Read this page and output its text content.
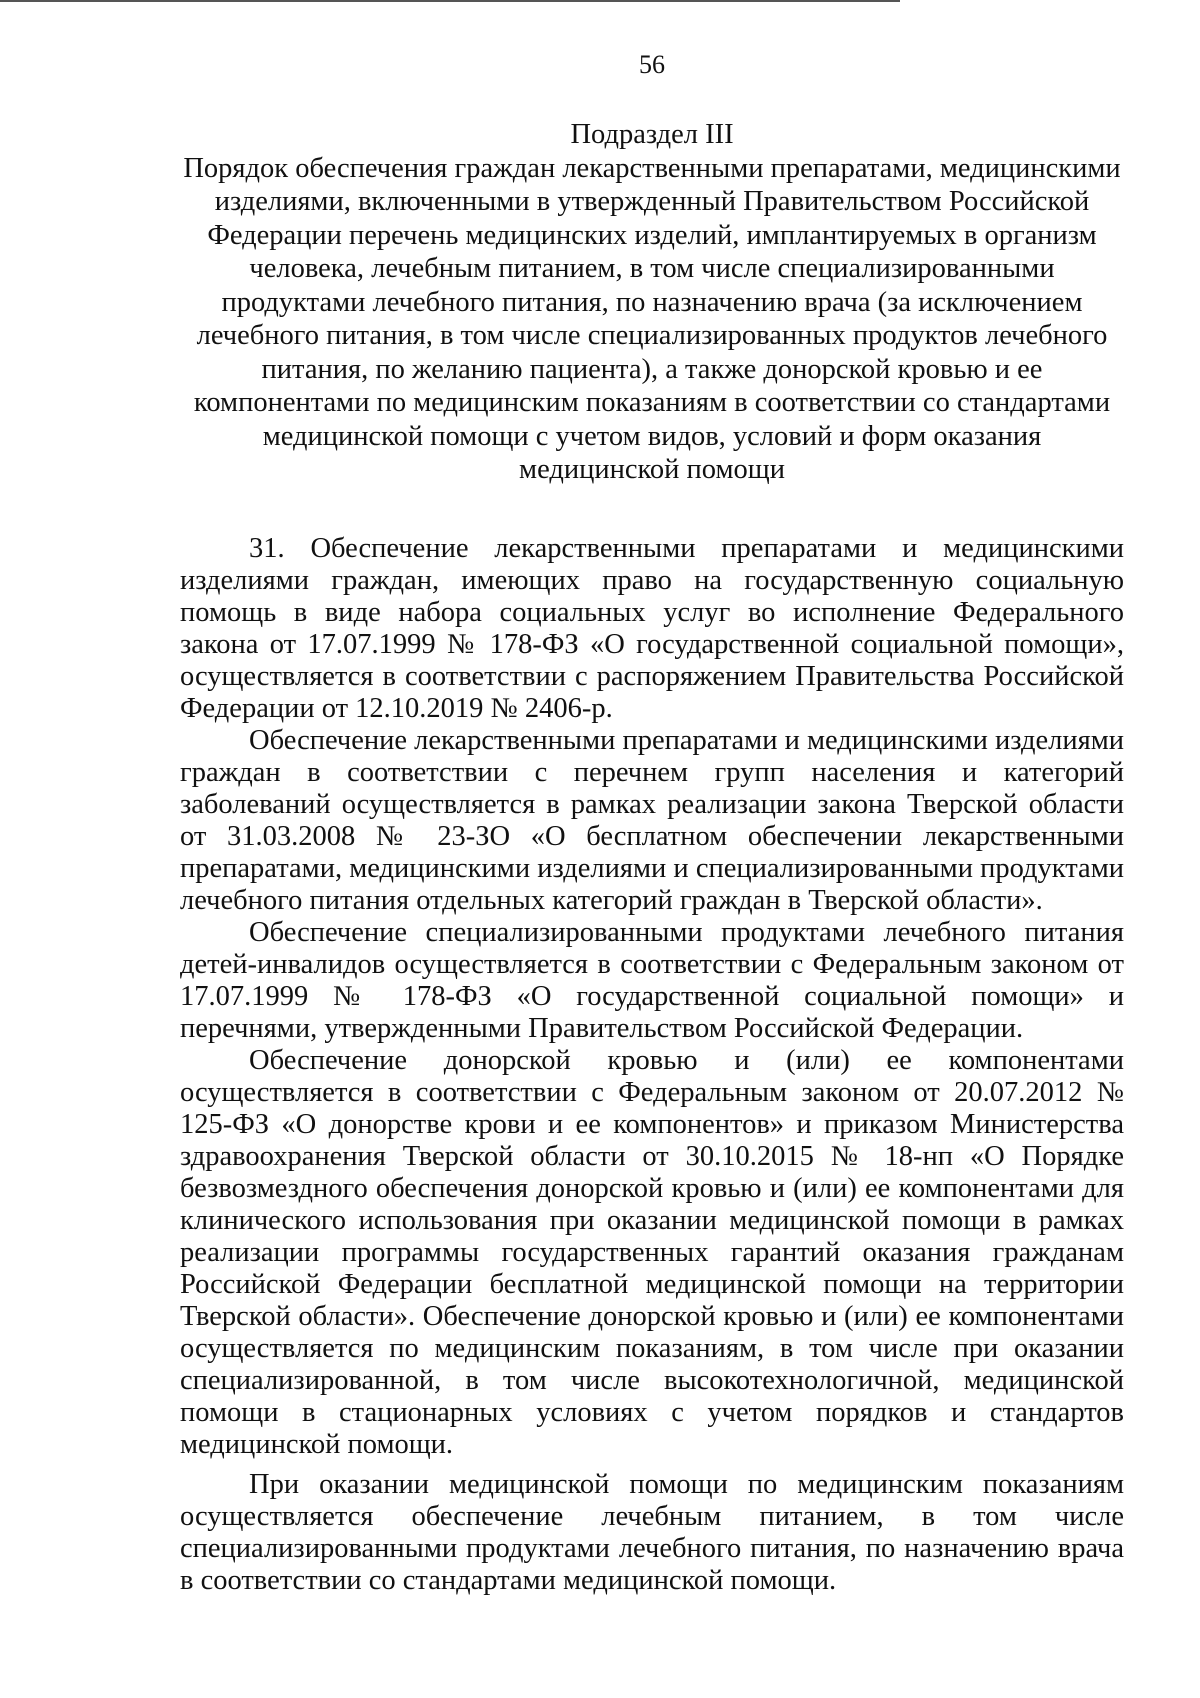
56

Подраздел III

Порядок обеспечения граждан лекарственными препаратами, медицинскими изделиями, включенными в утвержденный Правительством Российской Федерации перечень медицинских изделий, имплантируемых в организм человека, лечебным питанием, в том числе специализированными продуктами лечебного питания, по назначению врача (за исключением лечебного питания, в том числе специализированных продуктов лечебного питания, по желанию пациента), а также донорской кровью и ее компонентами по медицинским показаниям в соответствии со стандартами медицинской помощи с учетом видов, условий и форм оказания медицинской помощи

31. Обеспечение лекарственными препаратами и медицинскими изделиями граждан, имеющих право на государственную социальную помощь в виде набора социальных услуг во исполнение Федерального закона от 17.07.1999 № 178-ФЗ «О государственной социальной помощи», осуществляется в соответствии с распоряжением Правительства Российской Федерации от 12.10.2019 № 2406-р.

Обеспечение лекарственными препаратами и медицинскими изделиями граждан в соответствии с перечнем групп населения и категорий заболеваний осуществляется в рамках реализации закона Тверской области от 31.03.2008 № 23-ЗО «О бесплатном обеспечении лекарственными препаратами, медицинскими изделиями и специализированными продуктами лечебного питания отдельных категорий граждан в Тверской области».

Обеспечение специализированными продуктами лечебного питания детей-инвалидов осуществляется в соответствии с Федеральным законом от 17.07.1999 № 178-ФЗ «О государственной социальной помощи» и перечнями, утвержденными Правительством Российской Федерации.

Обеспечение донорской кровью и (или) ее компонентами осуществляется в соответствии с Федеральным законом от 20.07.2012 № 125-ФЗ «О донорстве крови и ее компонентов» и приказом Министерства здравоохранения Тверской области от 30.10.2015 № 18-нп «О Порядке безвозмездного обеспечения донорской кровью и (или) ее компонентами для клинического использования при оказании медицинской помощи в рамках реализации программы государственных гарантий оказания гражданам Российской Федерации бесплатной медицинской помощи на территории Тверской области». Обеспечение донорской кровью и (или) ее компонентами осуществляется по медицинским показаниям, в том числе при оказании специализированной, в том числе высокотехнологичной, медицинской помощи в стационарных условиях с учетом порядков и стандартов медицинской помощи.

При оказании медицинской помощи по медицинским показаниям осуществляется обеспечение лечебным питанием, в том числе специализированными продуктами лечебного питания, по назначению врача в соответствии со стандартами медицинской помощи.
